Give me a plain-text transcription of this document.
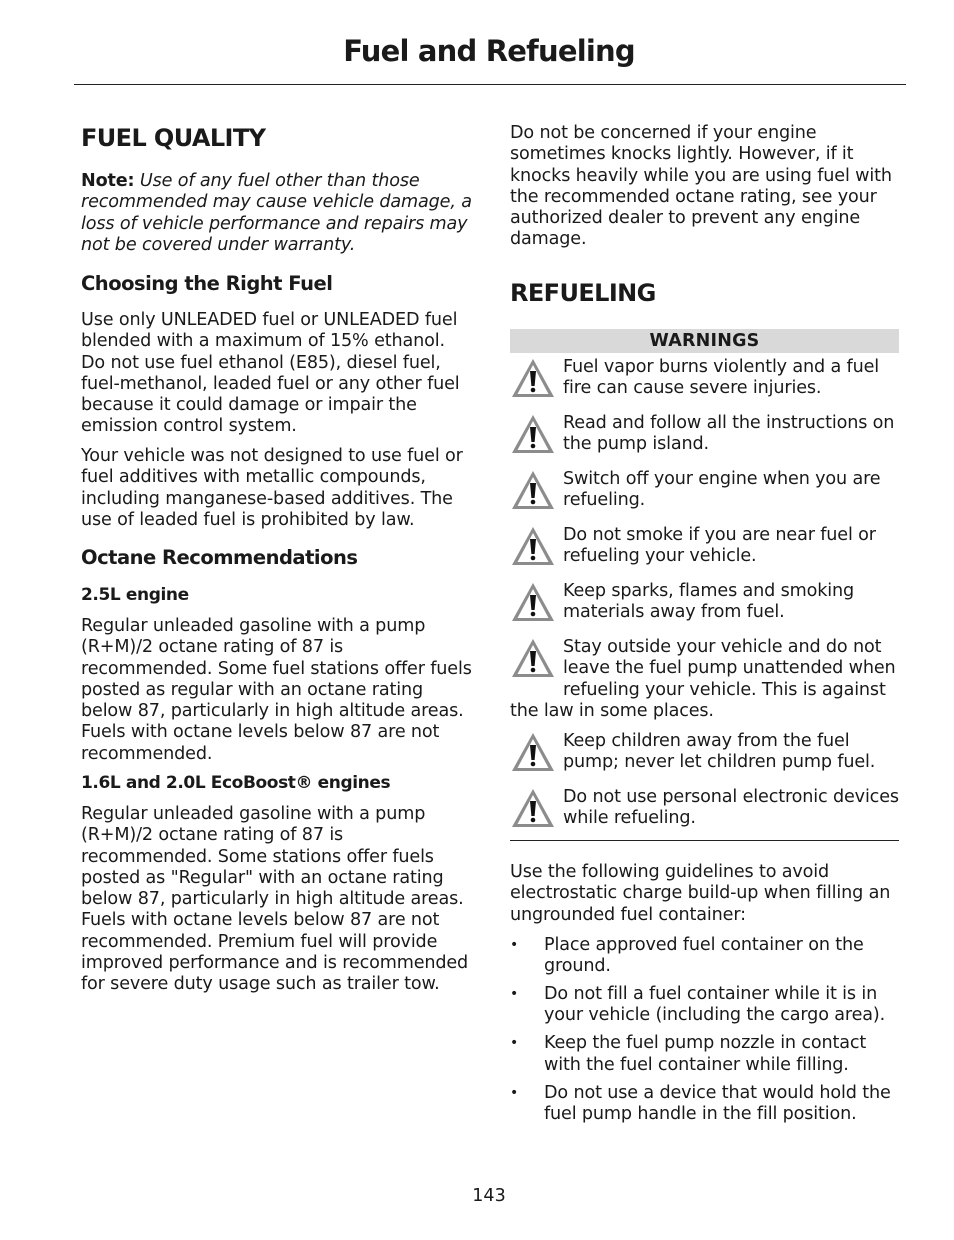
Fuel and Refueling
FUEL QUALITY

Note: Use of any fuel other than those recommended may cause vehicle damage, a loss of vehicle performance and repairs may not be covered under warranty.

Choosing the Right Fuel

Use only UNLEADED fuel or UNLEADED fuel blended with a maximum of 15% ethanol. Do not use fuel ethanol (E85), diesel fuel, fuel-methanol, leaded fuel or any other fuel because it could damage or impair the emission control system.

Your vehicle was not designed to use fuel or fuel additives with metallic compounds, including manganese-based additives. The use of leaded fuel is prohibited by law.

Octane Recommendations
2.5L engine

Regular unleaded gasoline with a pump (R+M)/2 octane rating of 87 is recommended. Some fuel stations offer fuels posted as regular with an octane rating below 87, particularly in high altitude areas. Fuels with octane levels below 87 are not recommended.

1.6L and 2.0L EcoBoost® engines

Regular unleaded gasoline with a pump (R+M)/2 octane rating of 87 is recommended. Some stations offer fuels posted as "Regular" with an octane rating below 87, particularly in high altitude areas. Fuels with octane levels below 87 are not recommended. Premium fuel will provide improved performance and is recommended for severe duty usage such as trailer tow.

Do not be concerned if your engine sometimes knocks lightly. However, if it knocks heavily while you are using fuel with the recommended octane rating, see your authorized dealer to prevent any engine damage.

REFUELING
WARNINGS
Fuel vapor burns violently and a fuel fire can cause severe injuries.
Read and follow all the instructions on the pump island.
Switch off your engine when you are refueling.
Do not smoke if you are near fuel or refueling your vehicle.
Keep sparks, flames and smoking materials away from fuel.
Stay outside your vehicle and do not leave the fuel pump unattended when refueling your vehicle. This is against the law in some places.
Keep children away from the fuel pump; never let children pump fuel.
Do not use personal electronic devices while refueling.

Use the following guidelines to avoid electrostatic charge build-up when filling an ungrounded fuel container:

• Place approved fuel container on the ground.
• Do not fill a fuel container while it is in your vehicle (including the cargo area).
• Keep the fuel pump nozzle in contact with the fuel container while filling.
• Do not use a device that would hold the fuel pump handle in the fill position.
143
